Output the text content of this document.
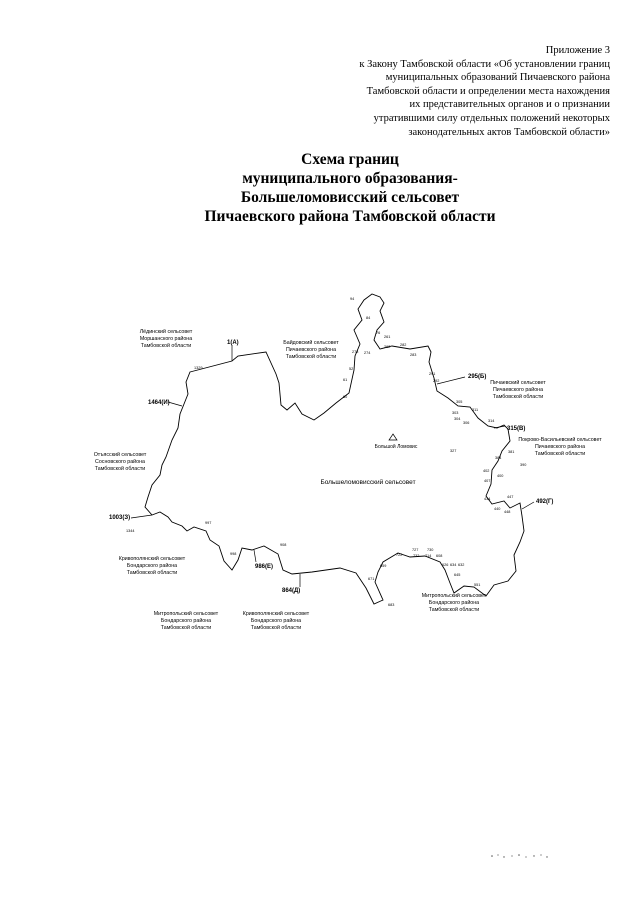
Приложение 3
к Закону Тамбовской области «Об установлении границ
муниципальных образований Пичаевского района
Тамбовской области и определении места нахождения
их представительных органов и о признании
утратившими силу отдельных положений некоторых
законодательных актов Тамбовской области»
Схема границ
муниципального образования-
Большеломовисский сельсовет
Пичаевского района Тамбовской области
Большой Ломовис
Большеломовисский сельсовет
Лёдинский сельсовет
Моршанского района
Тамбовской области	Байдовский сельсовет
Пичаевского района
Тамбовской области
Пичаевский сельсовет
Пичаевского района
Тамбовской области
Покрово-Васильевский сельсовет
Пичаевского района
Тамбовской области
Отъясский сельсовет
Сосновского района
Тамбовской области
Кривополянский сельсовет
Бондарского района
Тамбовской области
Митропольский сельсовет
Бондарского района
Тамбовской области
Кривополянский сельсовет
Бондарского района
Тамбовской области
Митропольский сельсовет
Бондарского района
Тамбовской области
1(А)
1464(И)
1003(З)
986(Е)
864(Д)
295(Б)
315(В)
492(Г)
1329
94
84
76
278 274
261
262	282
283
291
292
305
303
304
306
311
314
327	381
384
390
400
402
407
434
440
447
448
1344
997
998
908
659
722
727 730
732 714 608
626 634 632
645
551
671
683
52
61
60
